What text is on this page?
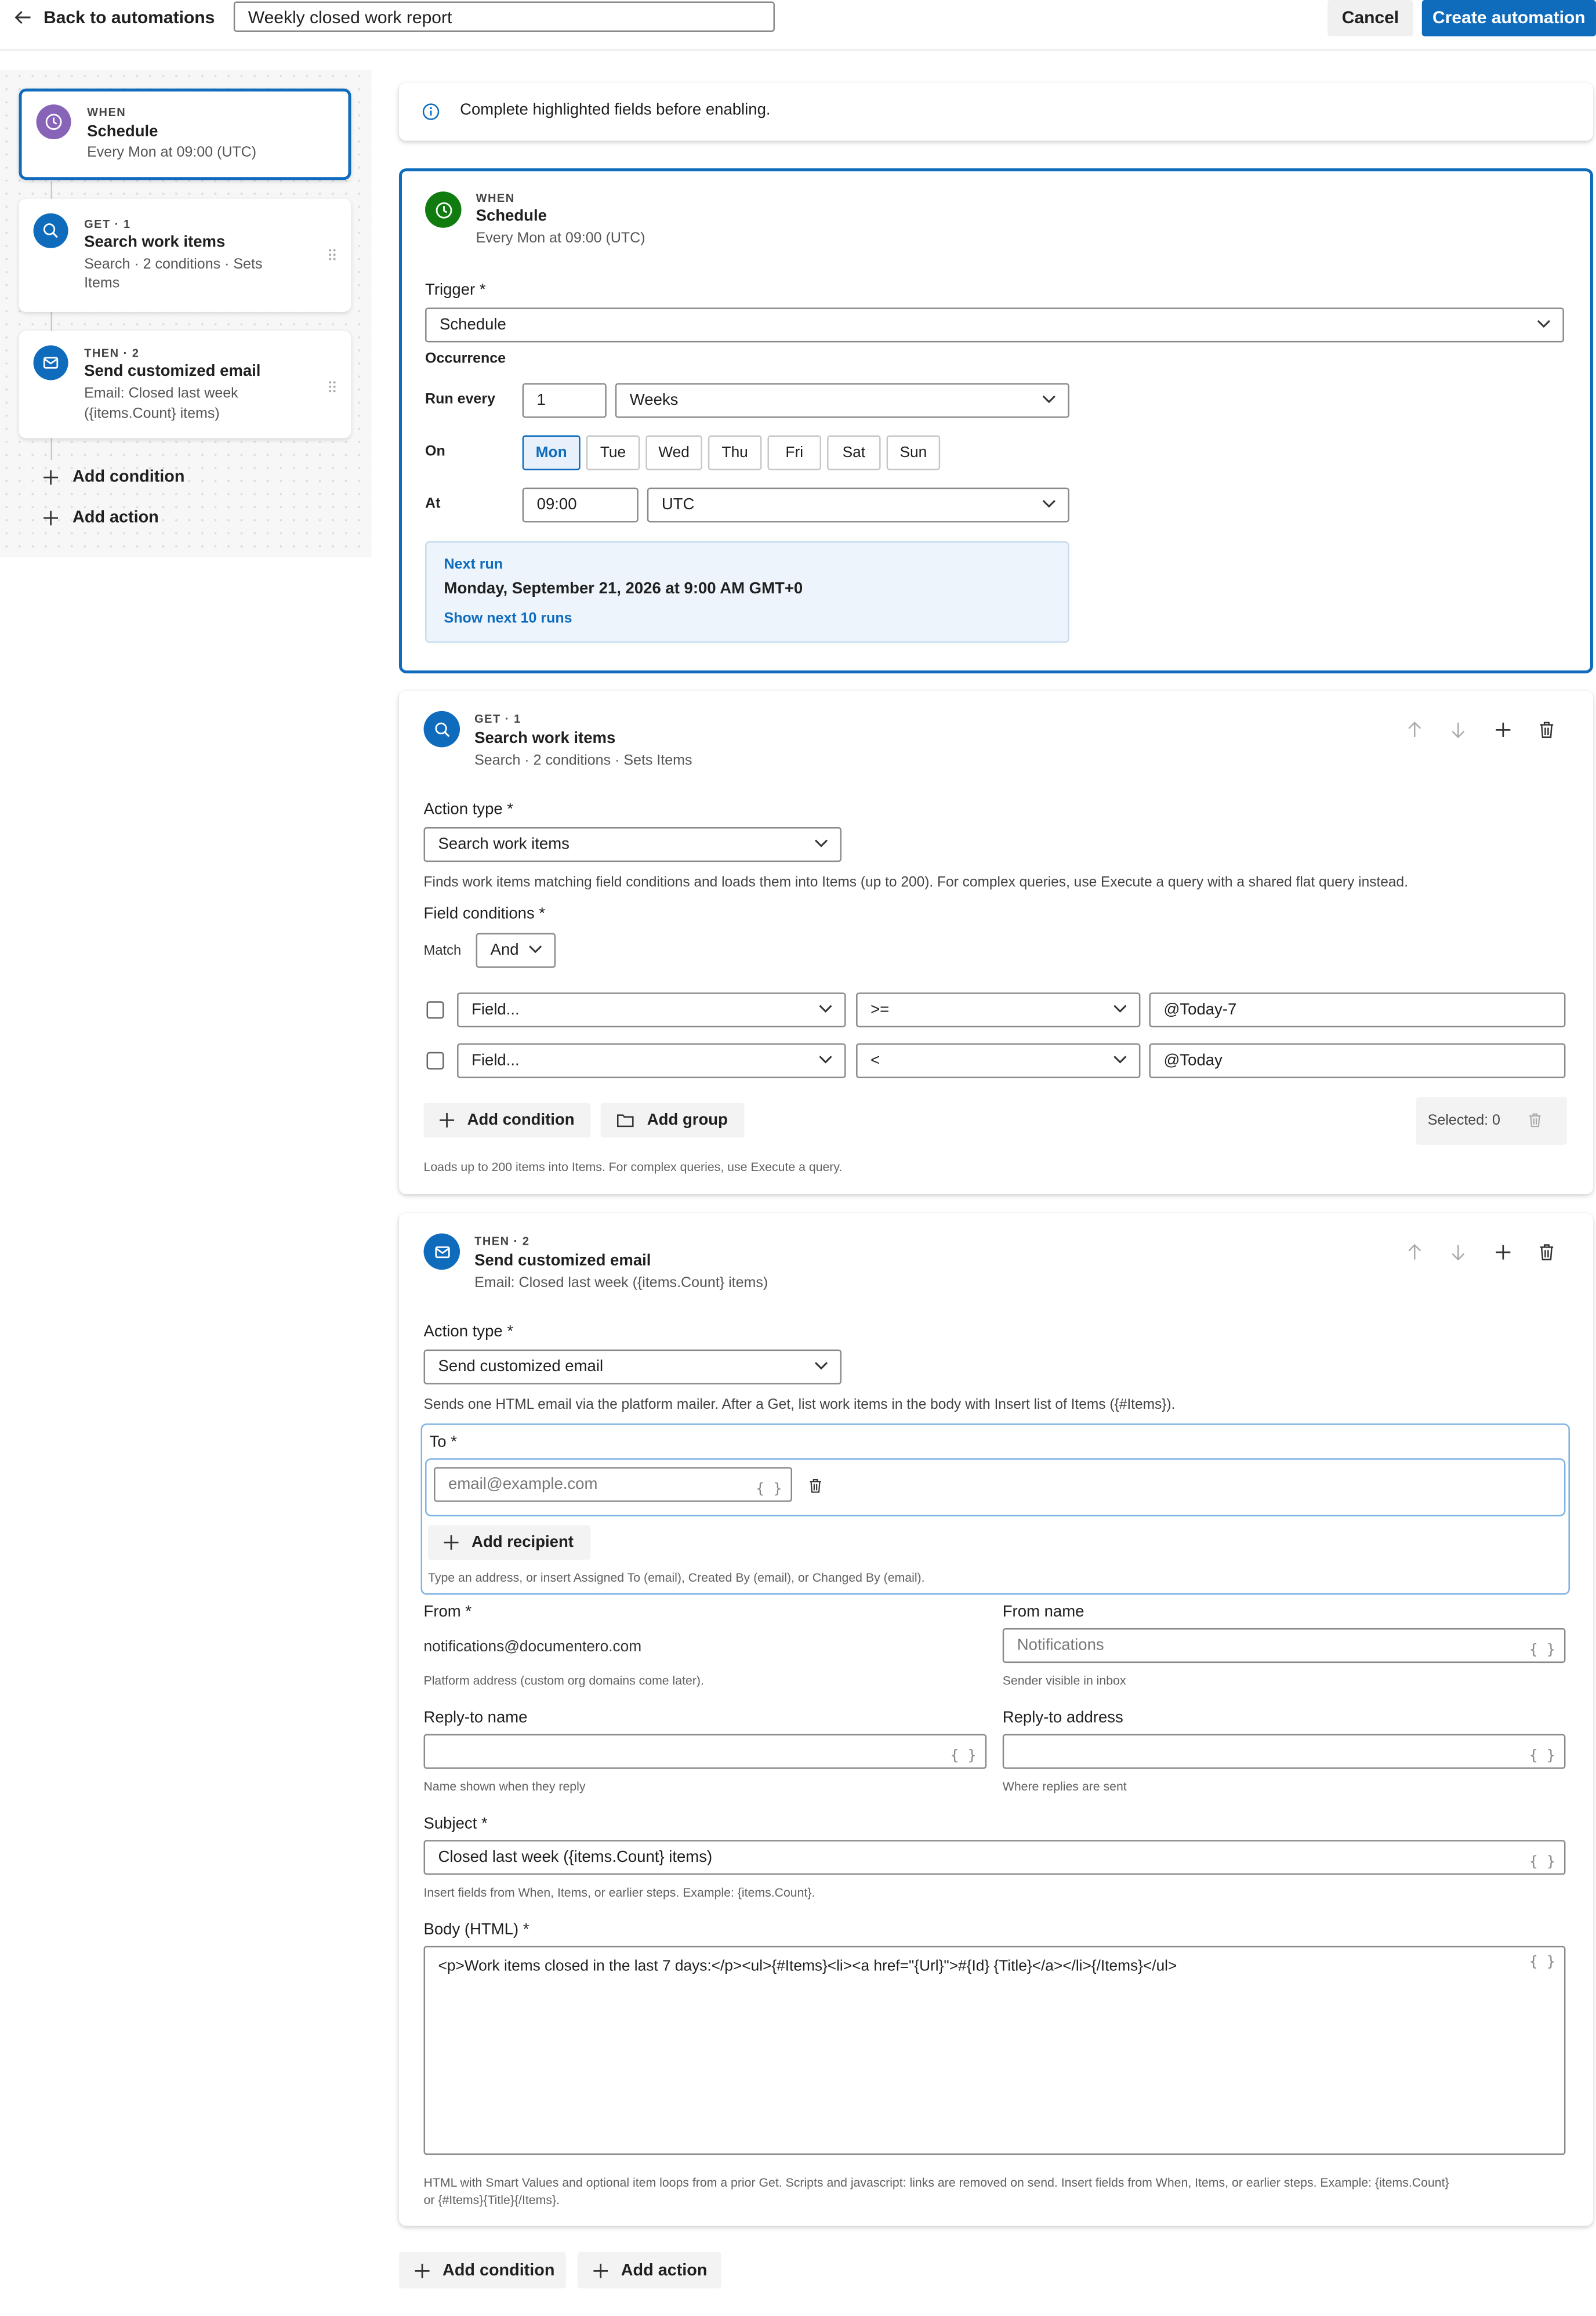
Back to automations	Weekly closed work report	Cancel	Create automation
WHEN
Schedule
Every Mon at 09:00 (UTC)
GET · 1
Search work items
Search · 2 conditions · Sets
Items
THEN · 2
Send customized email
Email: Closed last week
({items.Count} items)
Add condition
Add action
Complete highlighted fields before enabling.
WHEN
Schedule
Every Mon at 09:00 (UTC)
Trigger *
Schedule
Occurrence
Run every	1	Weeks
On	Mon	Tue	Wed	Thu	Fri	Sat	Sun
At	09:00	UTC
Next run
Monday, September 21, 2026 at 9:00 AM GMT+0
Show next 10 runs
GET · 1
Search work items
Search · 2 conditions · Sets Items
Action type *
Search work items
Finds work items matching field conditions and loads them into Items (up to 200). For complex queries, use Execute a query with a shared flat query instead.
Field conditions *
Match	And
Field...	>=	@Today-7
Field...	<	@Today
Add condition	Add group	Selected: 0
Loads up to 200 items into Items. For complex queries, use Execute a query.
THEN · 2
Send customized email
Email: Closed last week ({items.Count} items)
Action type *
Send customized email
Sends one HTML email via the platform mailer. After a Get, list work items in the body with Insert list of Items ({#Items}).
To *
email@example.com	{ }
Add recipient
Type an address, or insert Assigned To (email), Created By (email), or Changed By (email).
From *
notifications@documentero.com
Platform address (custom org domains come later).
From name
Notifications	{ }
Sender visible in inbox
Reply-to name
{ }
Name shown when they reply
Reply-to address
{ }
Where replies are sent
Subject *
Closed last week ({items.Count} items)	{ }
Insert fields from When, Items, or earlier steps. Example: {items.Count}.
Body (HTML) *
<p>Work items closed in the last 7 days:</p><ul>{#Items}<li><a href="{Url}">#{Id} {Title}</a></li>{/Items}</ul>	{ }
HTML with Smart Values and optional item loops from a prior Get. Scripts and javascript: links are removed on send. Insert fields from When, Items, or earlier steps. Example: {items.Count}
or {#Items}{Title}{/Items}.
Add condition	Add action
